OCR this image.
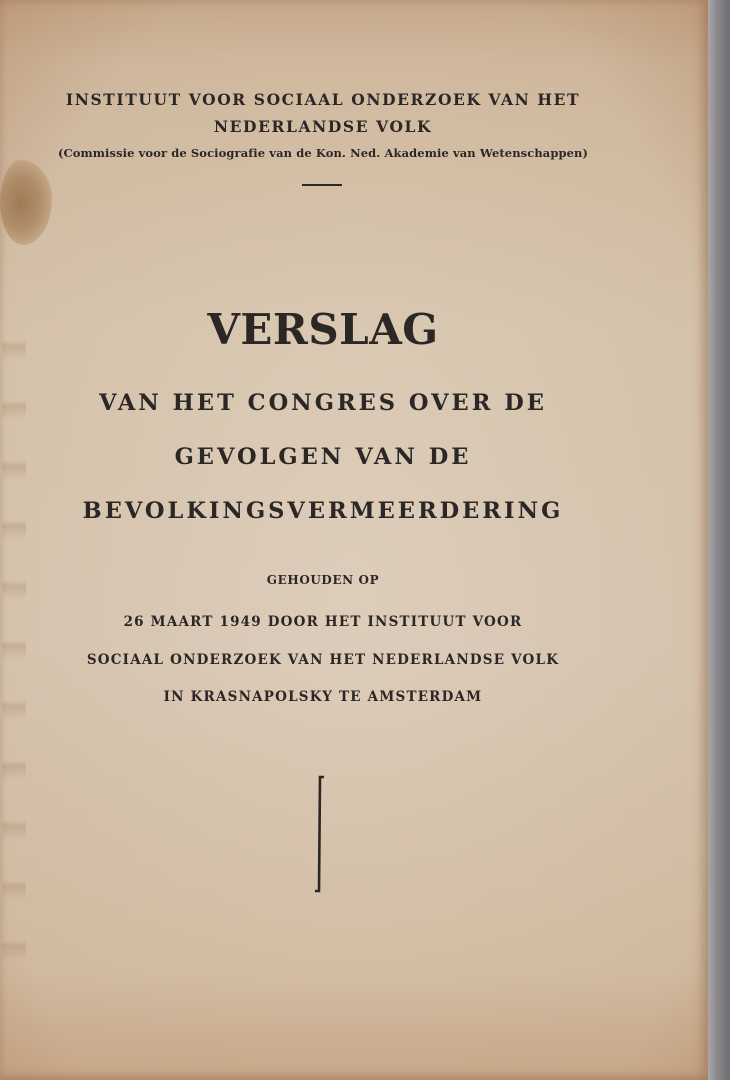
INSTITUUT VOOR SOCIAAL ONDERZOEK VAN HET

NEDERLANDSE VOLK

(Commissie voor de Sociografie van de Kon. Ned. Akademie van Wetenschappen)

VERSLAG

VAN HET CONGRES OVER DE

GEVOLGEN VAN DE

BEVOLKINGSVERMEERDERING

GEHOUDEN OP

26 MAART 1949 DOOR HET INSTITUUT VOOR

SOCIAAL ONDERZOEK VAN HET NEDERLANDSE VOLK

IN KRASNAPOLSKY TE AMSTERDAM

I
